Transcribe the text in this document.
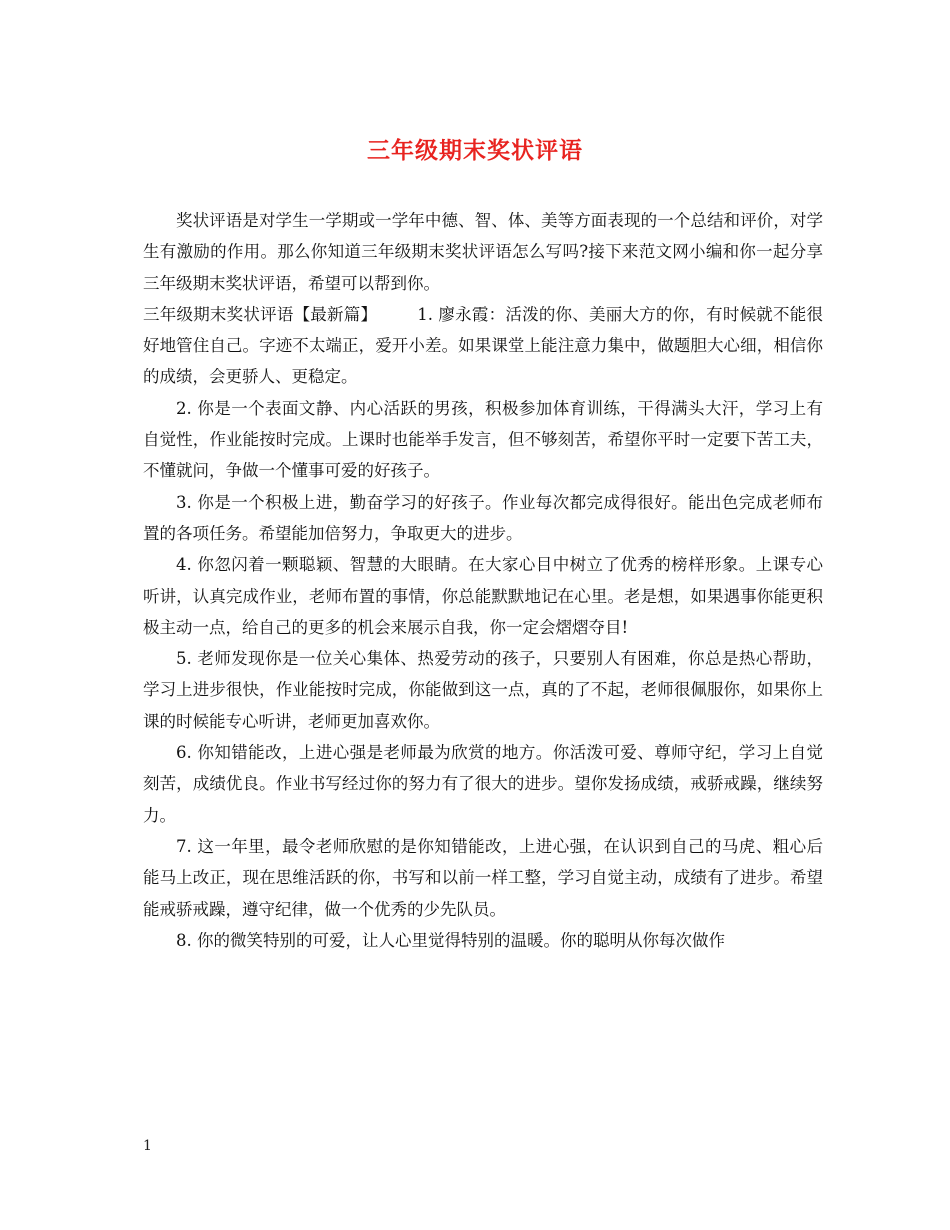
三年级期末奖状评语

奖状评语是对学生一学期或一学年中德、智、体、美等方面表现的一个总结和评价，对学生有激励的作用。那么你知道三年级期末奖状评语怎么写吗?接下来范文网小编和你一起分享三年级期末奖状评语，希望可以帮到你。

三年级期末奖状评语【最新篇】 1. 廖永霞：活泼的你、美丽大方的你，有时候就不能很好地管住自己。字迹不太端正，爱开小差。如果课堂上能注意力集中，做题胆大心细，相信你的成绩，会更骄人、更稳定。

2. 你是一个表面文静、内心活跃的男孩，积极参加体育训练，干得满头大汗，学习上有自觉性，作业能按时完成。上课时也能举手发言，但不够刻苦，希望你平时一定要下苦工夫，不懂就问，争做一个懂事可爱的好孩子。

3. 你是一个积极上进，勤奋学习的好孩子。作业每次都完成得很好。能出色完成老师布置的各项任务。希望能加倍努力，争取更大的进步。

4. 你忽闪着一颗聪颖、智慧的大眼睛。在大家心目中树立了优秀的榜样形象。上课专心听讲，认真完成作业，老师布置的事情，你总能默默地记在心里。老是想，如果遇事你能更积极主动一点，给自己的更多的机会来展示自我，你一定会熠熠夺目!

5. 老师发现你是一位关心集体、热爱劳动的孩子，只要别人有困难，你总是热心帮助，学习上进步很快，作业能按时完成，你能做到这一点，真的了不起，老师很佩服你，如果你上课的时候能专心听讲，老师更加喜欢你。

6. 你知错能改，上进心强是老师最为欣赏的地方。你活泼可爱、尊师守纪，学习上自觉刻苦，成绩优良。作业书写经过你的努力有了很大的进步。望你发扬成绩，戒骄戒躁，继续努力。

7. 这一年里，最令老师欣慰的是你知错能改，上进心强，在认识到自己的马虎、粗心后能马上改正，现在思维活跃的你，书写和以前一样工整，学习自觉主动，成绩有了进步。希望能戒骄戒躁，遵守纪律，做一个优秀的少先队员。

8. 你的微笑特别的可爱，让人心里觉得特别的温暖。你的聪明从你每次做作

1
